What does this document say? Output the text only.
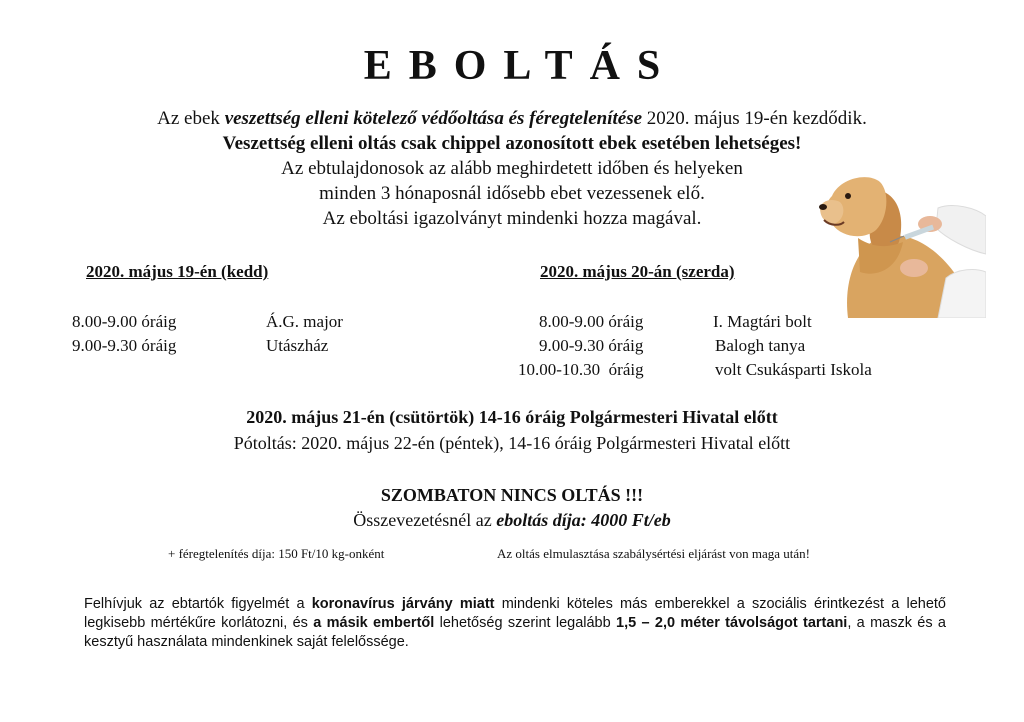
EBOLTÁS
Az ebek veszettség elleni kötelező védőoltása és féregtelenítése 2020. május 19-én kezdődik.
Veszettség elleni oltás csak chippel azonosított ebek esetében lehetséges!
Az ebtulajdonosok az alább meghirdetett időben és helyeken
minden 3 hónaposnál idősebb ebet vezessenek elő.
Az eboltási igazolványt mindenki hozza magával.
2020. május 19-én (kedd)
8.00-9.00 óráig	Á.G. major
9.00-9.30 óráig	Utászház
2020. május 20-án (szerda)
8.00-9.00 óráig	I. Magtári bolt
9.00-9.30 óráig	Balogh tanya
10.00-10.30  óráig	volt Csukásparti Iskola
2020. május 21-én (csütörtök) 14-16 óráig Polgármesteri Hivatal előtt
Pótoltás: 2020. május 22-én (péntek), 14-16 óráig Polgármesteri Hivatal előtt
SZOMBATON NINCS OLTÁS !!!
Összevezetésnél az eboltás díja: 4000 Ft/eb
+ féregtelenítés díja: 150 Ft/10 kg-onként	Az oltás elmulasztása szabálysértési eljárást von maga után!
Felhívjuk az ebtartók figyelmét a koronavírus járvány miatt mindenki köteles más emberekkel a szociális érintkezést a lehető legkisebb mértékűre korlátozni, és a másik embertől lehetőség szerint legalább 1,5 – 2,0 méter távolságot tartani, a maszk és a kesztyű használata mindenkinek saját felelőssége.
